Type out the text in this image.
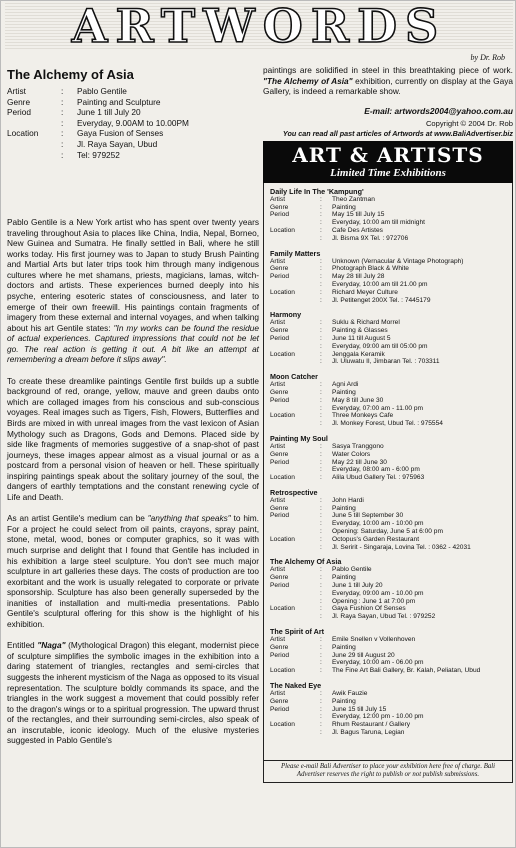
ARTWORDS
by Dr. Rob
The Alchemy of Asia
Artist	:	Pablo Gentile
Genre	:	Painting and Sculpture
Period	:	June 1 till July 20
:	Everyday, 9.00AM to 10.00PM
Location	:	Gaya Fusion of Senses
:	Jl. Raya Sayan, Ubud
:	Tel: 979252
Pablo Gentile is a New York artist who has spent over twenty years traveling throughout Asia to places like China, India, Nepal, Borneo, New Guinea and Sumatra. He finally settled in Bali, where he still works today. His first journey was to Japan to study Brush Painting and Martial Arts but later trips took him through many indigenous cultures where he met shamans, priests, magicians, lamas, witch-doctors and artists. These experiences burned deeply into his psyche, entering esoteric states of consciousness, and later to emerge of their own freewill. His paintings contain fragments of imagery from these external and internal voyages, and when talking about his art Gentile states: "In my works can be found the residue of actual experiences. Captured impressions that could not be let go. The real action is getting it out. A bit like an attempt at remembering a dream before it slips away".
To create these dreamlike paintings Gentile first builds up a subtle background of red, orange, yellow, mauve and green daubs onto which are collaged images from his conscious and sub-conscious voyages. Real images such as Tigers, Fish, Flowers, Butterflies and Birds are mixed in with unreal images from the vast lexicon of Asian Mythology such as Dragons, Gods and Demons. Placed side by side like fragments of memories suggestive of a snap-shot of past journeys, these images appear almost as a visual journal or as a postcard from a personal vision of heaven or hell. These spiritually inspiring paintings speak about the solitary journey of the soul, the dangers of earthly temptations and the constant renewing cycle of Life and Death.
As an artist Gentile's medium can be "anything that speaks" to him. For a project he could select from oil paints, crayons, spray paint, stone, metal, wood, bones or computer graphics, so it was with much surprise and delight that I found that Gentile has included in his exhibition a large steel sculpture. You don't see much major sculpture in art galleries these days. The costs of production are too exorbitant and the work is usually relegated to corporate or private sponsorship. Sculpture has also been generally superseded by the inanities of installation and multi-media presentations. Pablo Gentile's sculptural offering for this show is the highlight of his exhibition.
Entitled "Naga" (Mythological Dragon) this elegant, modernist piece of sculpture simplifies the symbolic images in the exhibition into a daring statement of triangles, rectangles and semi-circles that suggests the inherent mysticism of the Naga as opposed to its visual representation. The sculpture boldly commands its space, and the triangles in the work suggest a movement that could possibly refer to the dragon's wings or to a spiritual progression. The upward thrust of the rectangles, and their surrounding semi-circles, also speak of an inscrutable, iconic ideology. Much of the elusive mysteries suggested in Pablo Gentile's
paintings are solidified in steel in this breathtaking piece of work. "The Alchemy of Asia" exhibition, currently on display at the Gaya Gallery, is indeed a remarkable show.
E-mail: artwords2004@yahoo.com.au
Copyright © 2004 Dr. Rob
You can read all past articles of Artwords at www.BaliAdvertiser.biz
ART & ARTISTS
Limited Time Exhibitions
Daily Life In The 'Kampung'
Artist	:	Theo Zantman
Genre	:	Painting
Period	:	May 15 till July 15
:	Everyday, 10:00 am till midnight
Location	:	Cafe Des Artistes
:	Jl. Bisma 9X Tel. : 972706
Family Matters
Artist	:	Unknown (Vernacular & Vintage Photograph)
Genre	:	Photograph Black & White
Period	:	May 28 till July 28
:	Everyday, 10:00 am till 21.00 pm
Location	:	Richard Meyer Culture
:	Jl. Petitenget 200X Tel. : 7445179
Harmony
Artist	:	Suklu & Richard Morrel
Genre	:	Painting & Glasses
Period	:	June 11 till August 5
:	Everyday, 09:00 am till 05:00 pm
Location	:	Jenggala Keramik
:	Jl. Uluwatu II, Jimbaran Tel. : 703311
Moon Catcher
Artist	:	Agni Ardi
Genre	:	Painting
Period	:	May 8 till June 30
:	Everyday, 07:00 am - 11.00 pm
Location	:	Three Monkeys Cafe
:	Jl. Monkey Forest, Ubud Tel. : 975554
Painting My Soul
Artist	:	Sasya Tranggono
Genre	:	Water Colors
Period	:	May 22 till June 30
:	Everyday, 08:00 am - 6:00 pm
Location	:	Alila Ubud Gallery Tel. : 975963
Retrospective
Artist	:	John Hardi
Genre	:	Painting
Period	:	June 5 till September 30
:	Everyday, 10:00 am - 10:00 pm
:	Opening: Saturday, June 5 at 6:00 pm
Location	:	Octopus's Garden Restaurant
:	Jl. Seririt - Singaraja, Lovina Tel. : 0362 - 42031
The Alchemy Of Asia
Artist	:	Pablo Gentile
Genre	:	Painting
Period	:	June 1 till July 20
:	Everyday, 09:00 am - 10.00 pm
:	Opening : June 1 at 7:00 pm
Location	:	Gaya Fushion Of Senses
:	Jl. Raya Sayan, Ubud Tel. : 979252
The Spirit of Art
Artist	:	Emile Snellen v Vollenhoven
Genre	:	Painting
Period	:	June 29 till August 20
:	Everyday, 10:00 am - 06.00 pm
Location	:	The Fine Art Bali Gallery, Br. Kalah, Peliatan, Ubud
The Naked Eye
Artist	:	Awik Fauzie
Genre	:	Painting
Period	:	June 15 till July 15
:	Everyday, 12:00 pm - 10.00 pm
Location	:	Rhum Restaurant / Gallery
:	Jl. Bagus Taruna, Legian
Please e-mail Bali Advertiser to place your exhibition here free of charge. Bali Advertiser reserves the right to publish or not publish submissions.
